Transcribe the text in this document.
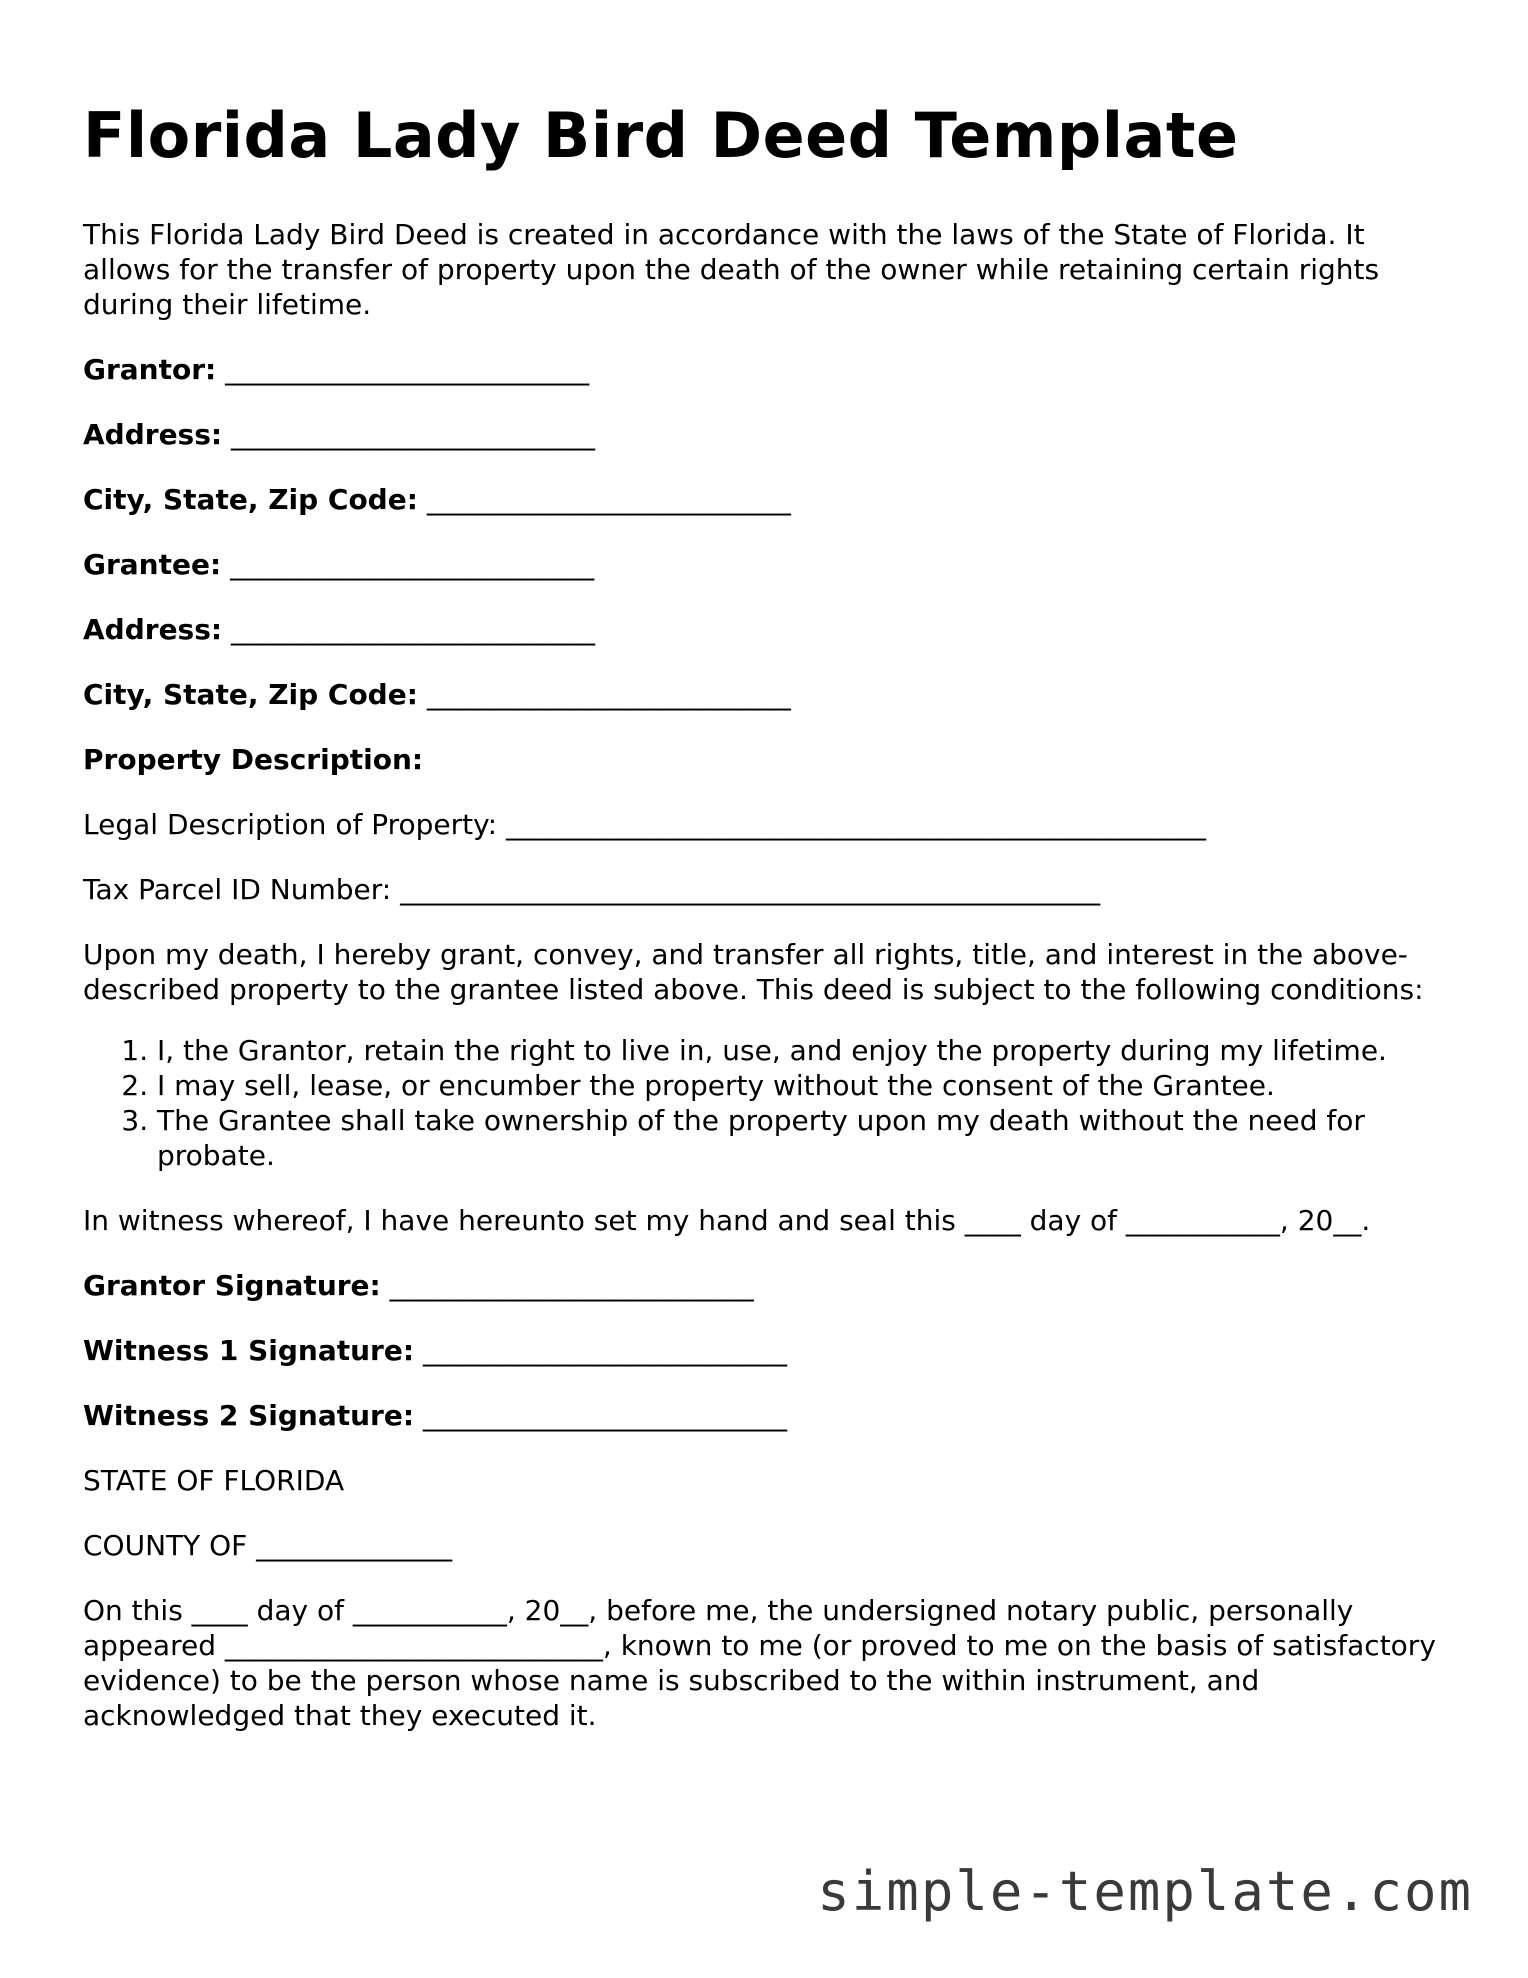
Florida Lady Bird Deed Template

This Florida Lady Bird Deed is created in accordance with the laws of the State of Florida. It allows for the transfer of property upon the death of the owner while retaining certain rights during their lifetime.

Grantor: __________________________
Address: __________________________
City, State, Zip Code: __________________________
Grantee: __________________________
Address: __________________________
City, State, Zip Code: __________________________
Property Description:
Legal Description of Property: __________________________________________________
Tax Parcel ID Number: __________________________________________________

Upon my death, I hereby grant, convey, and transfer all rights, title, and interest in the above-described property to the grantee listed above. This deed is subject to the following conditions:

1. I, the Grantor, retain the right to live in, use, and enjoy the property during my lifetime.
2. I may sell, lease, or encumber the property without the consent of the Grantee.
3. The Grantee shall take ownership of the property upon my death without the need for probate.

In witness whereof, I have hereunto set my hand and seal this ____ day of ___________, 20__.

Grantor Signature: __________________________
Witness 1 Signature: __________________________
Witness 2 Signature: __________________________

STATE OF FLORIDA

COUNTY OF ______________

On this ____ day of ___________, 20__, before me, the undersigned notary public, personally appeared ___________________________, known to me (or proved to me on the basis of satisfactory evidence) to be the person whose name is subscribed to the within instrument, and acknowledged that they executed it.

simple-template.com
